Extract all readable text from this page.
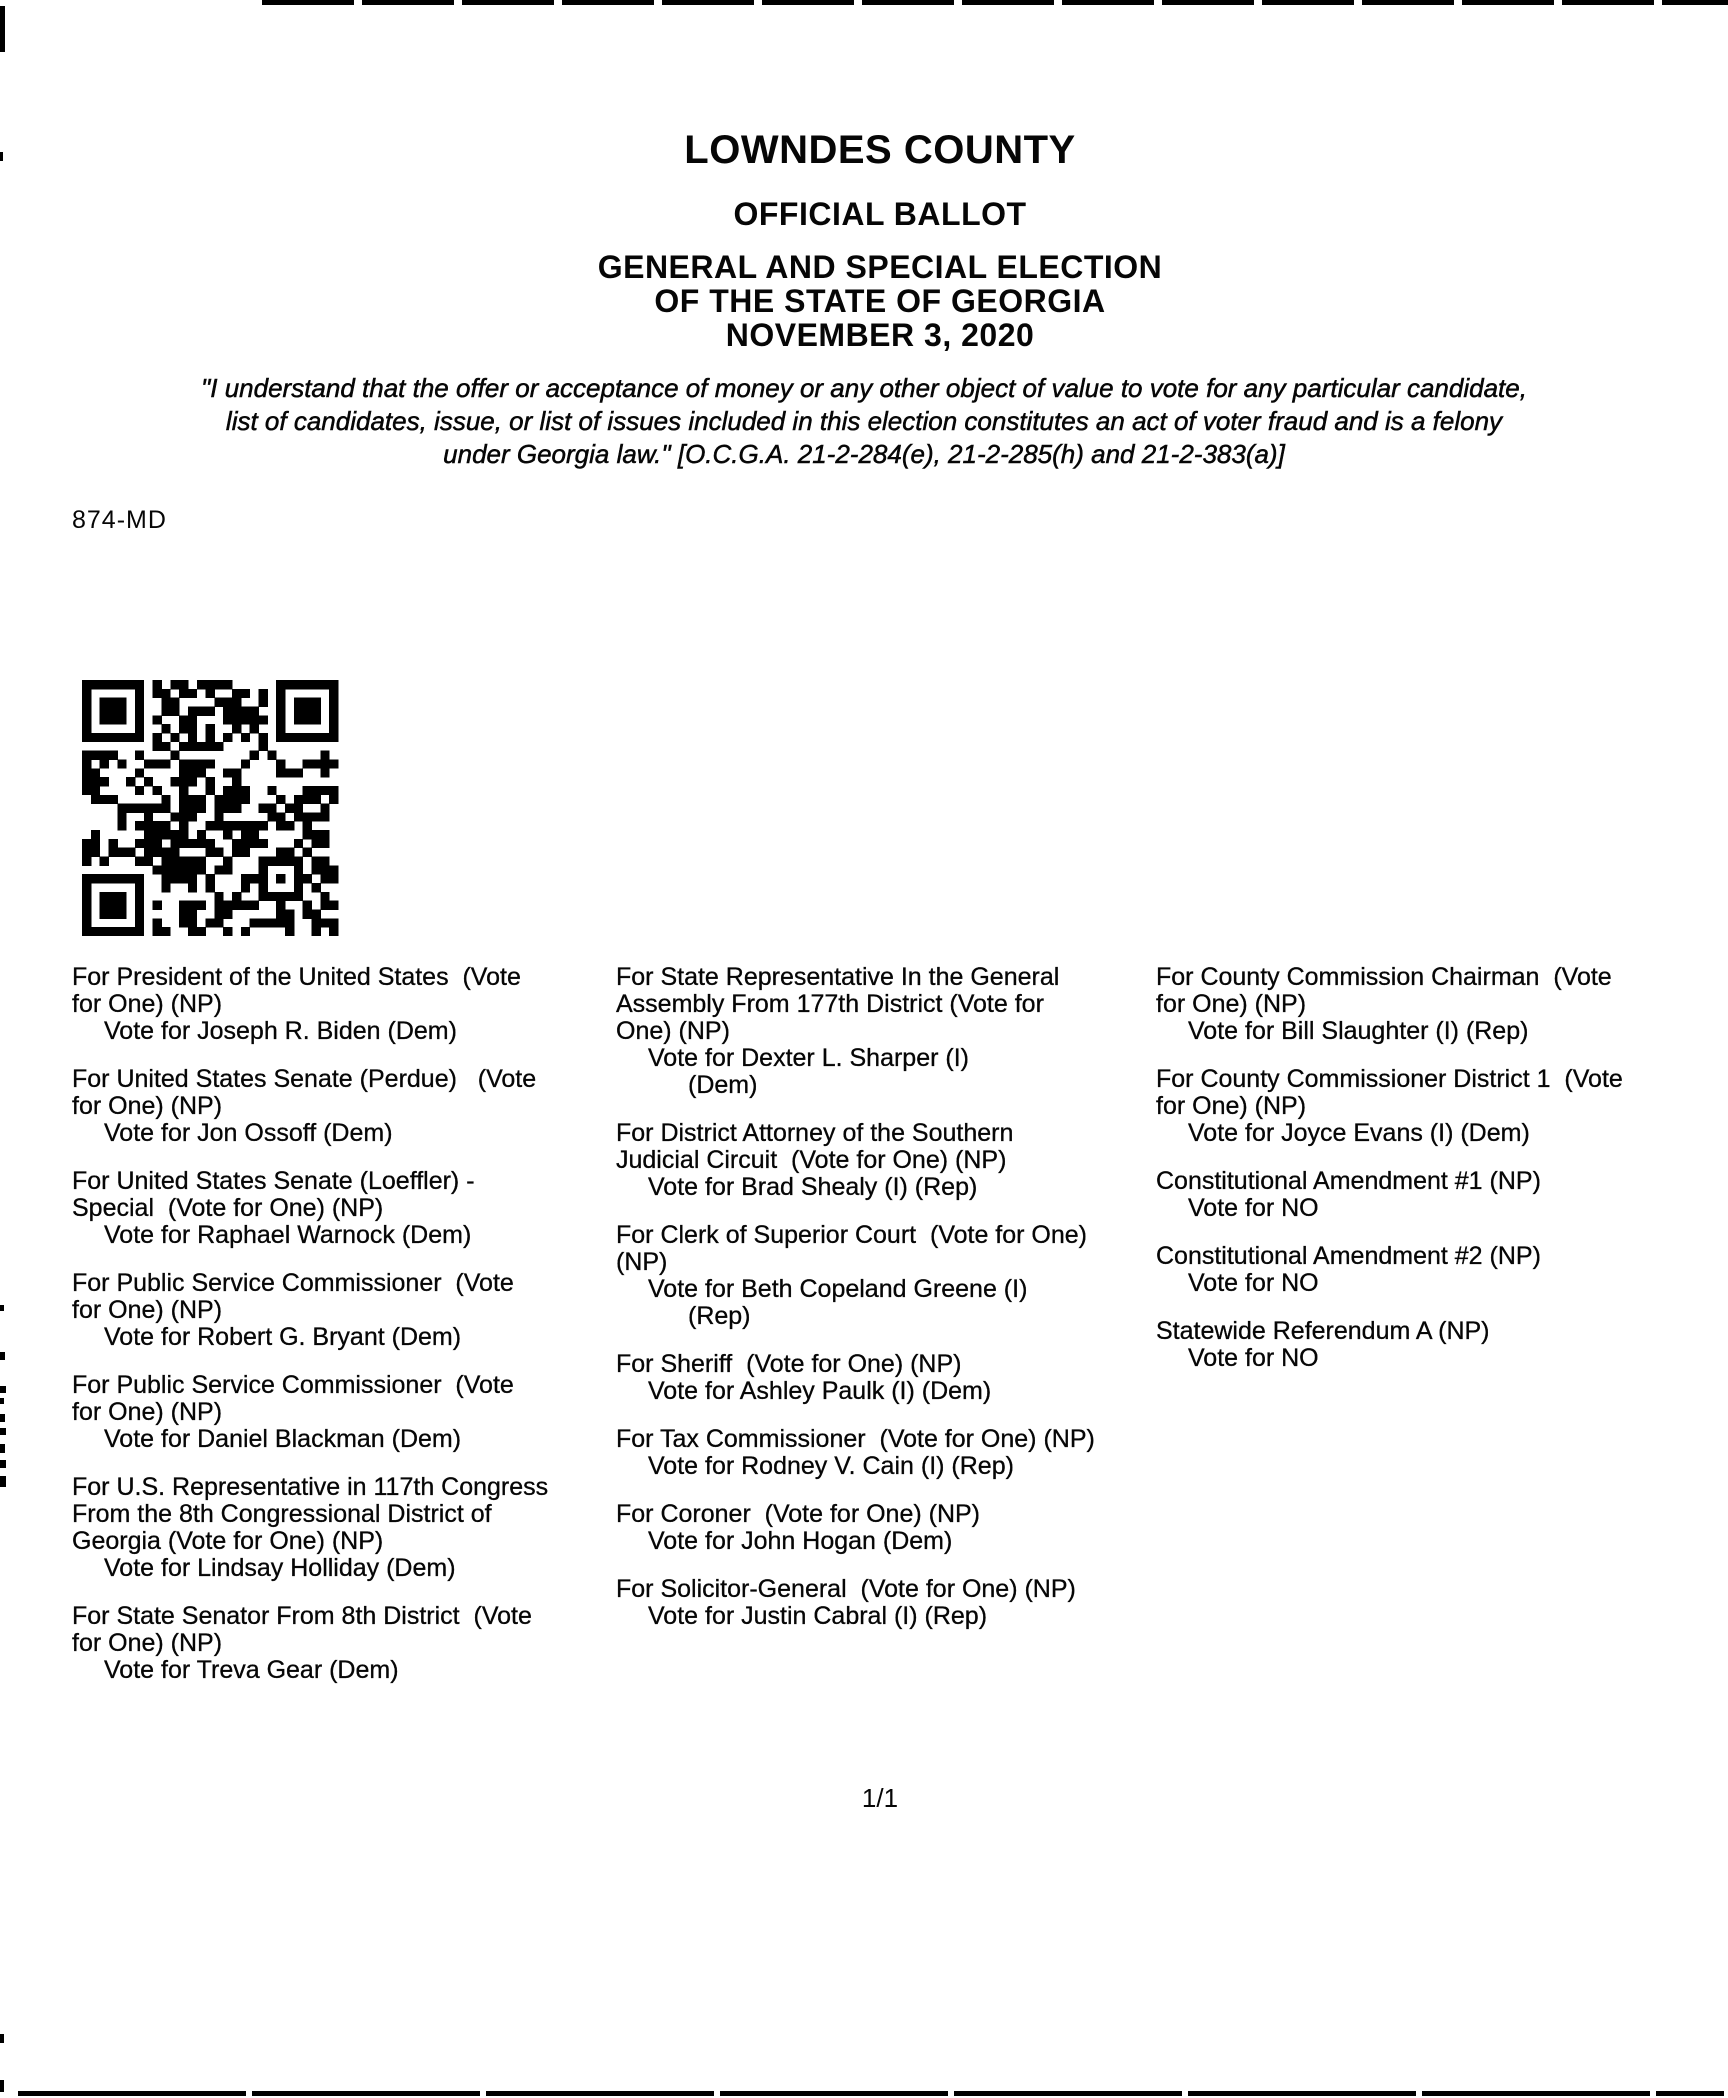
LOWNDES COUNTY
OFFICIAL BALLOT
GENERAL AND SPECIAL ELECTION
OF THE STATE OF GEORGIA
NOVEMBER 3, 2020
"I understand that the offer or acceptance of money or any other object of value to vote for any particular candidate,
list of candidates, issue, or list of issues included in this election constitutes an act of voter fraud and is a felony
under Georgia law." [O.C.G.A. 21-2-284(e), 21-2-285(h) and 21-2-383(a)]
874-MD
For President of the United States  (Vote
for One) (NP)
Vote for Joseph R. Biden (Dem)
For United States Senate (Perdue)   (Vote
for One) (NP)
Vote for Jon Ossoff (Dem)
For United States Senate (Loeffler) -
Special  (Vote for One) (NP)
Vote for Raphael Warnock (Dem)
For Public Service Commissioner  (Vote
for One) (NP)
Vote for Robert G. Bryant (Dem)
For Public Service Commissioner  (Vote
for One) (NP)
Vote for Daniel Blackman (Dem)
For U.S. Representative in 117th Congress
From the 8th Congressional District of
Georgia (Vote for One) (NP)
Vote for Lindsay Holliday (Dem)
For State Senator From 8th District  (Vote
for One) (NP)
Vote for Treva Gear (Dem)
For State Representative In the General
Assembly From 177th District (Vote for
One) (NP)
Vote for Dexter L. Sharper (I)
(Dem)
For District Attorney of the Southern
Judicial Circuit  (Vote for One) (NP)
Vote for Brad Shealy (I) (Rep)
For Clerk of Superior Court  (Vote for One)
(NP)
Vote for Beth Copeland Greene (I)
(Rep)
For Sheriff  (Vote for One) (NP)
Vote for Ashley Paulk (I) (Dem)
For Tax Commissioner  (Vote for One) (NP)
Vote for Rodney V. Cain (I) (Rep)
For Coroner  (Vote for One) (NP)
Vote for John Hogan (Dem)
For Solicitor-General  (Vote for One) (NP)
Vote for Justin Cabral (I) (Rep)
For County Commission Chairman  (Vote
for One) (NP)
Vote for Bill Slaughter (I) (Rep)
For County Commissioner District 1  (Vote
for One) (NP)
Vote for Joyce Evans (I) (Dem)
Constitutional Amendment #1 (NP)
Vote for NO
Constitutional Amendment #2 (NP)
Vote for NO
Statewide Referendum A (NP)
Vote for NO
1/1
